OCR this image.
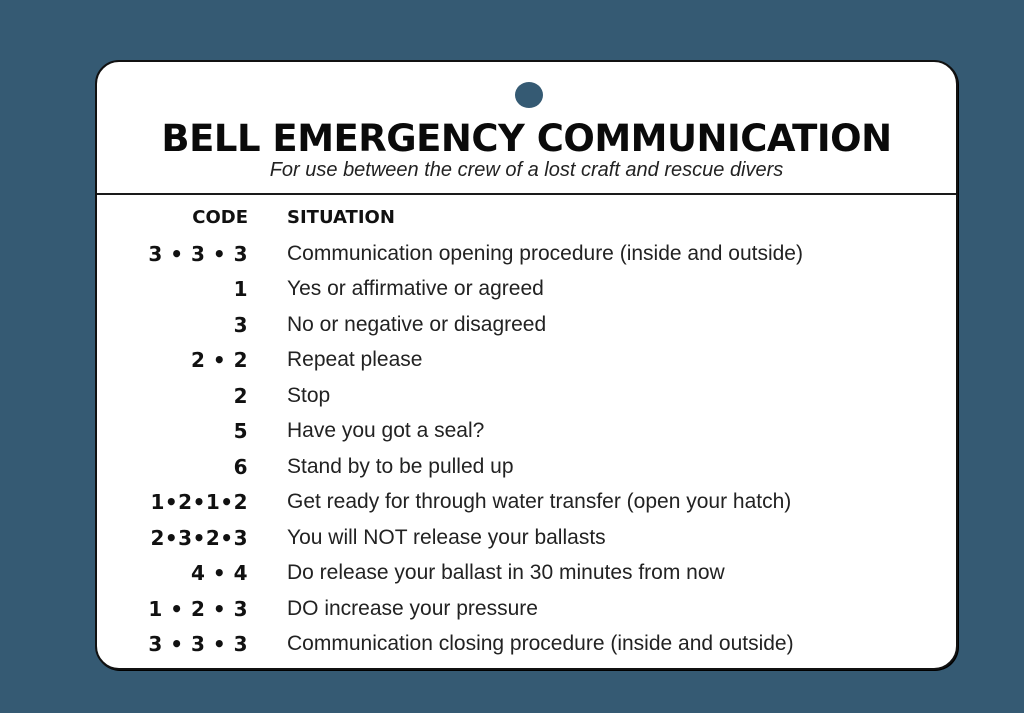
BELL EMERGENCY COMMUNICATION
For use between the crew of a lost craft and rescue divers
CODE SITUATION
3 • 3 • 3 Communication opening procedure (inside and outside)
1 Yes or affirmative or agreed
3 No or negative or disagreed
2 • 2 Repeat please
2 Stop
5 Have you got a seal?
6 Stand by to be pulled up
1•2•1•2 Get ready for through water transfer (open your hatch)
2•3•2•3 You will NOT release your ballasts
4 • 4 Do release your ballast in 30 minutes from now
1 • 2 • 3 DO increase your pressure
3 • 3 • 3 Communication closing procedure (inside and outside)
